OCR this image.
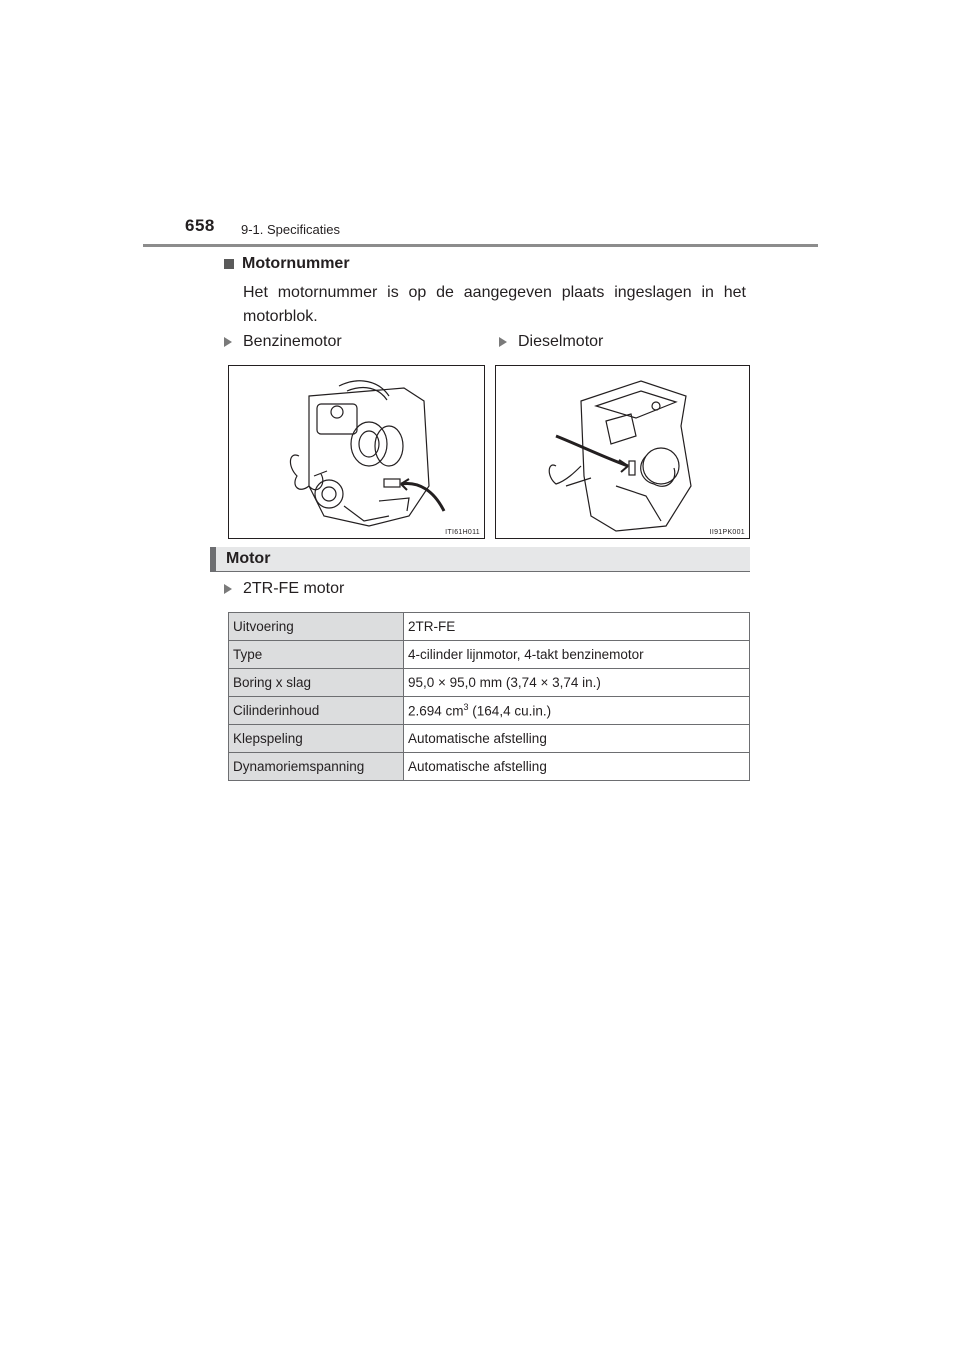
658 9-1. Specificaties
Motornummer
Het motornummer is op de aangegeven plaats ingeslagen in het motorblok.
Benzinemotor	Dieselmotor
ITI61H011	II91PK001
Motor
2TR-FE motor
Uitvoering	2TR-FE
Type	4-cilinder lijnmotor, 4-takt benzinemotor
Boring x slag	95,0 × 95,0 mm (3,74 × 3,74 in.)
Cilinderinhoud	2.694 $cm^3$ (164,4 cu.in.)
Klepspeling	Automatische afstelling
Dynamoriemspanning	Automatische afstelling
